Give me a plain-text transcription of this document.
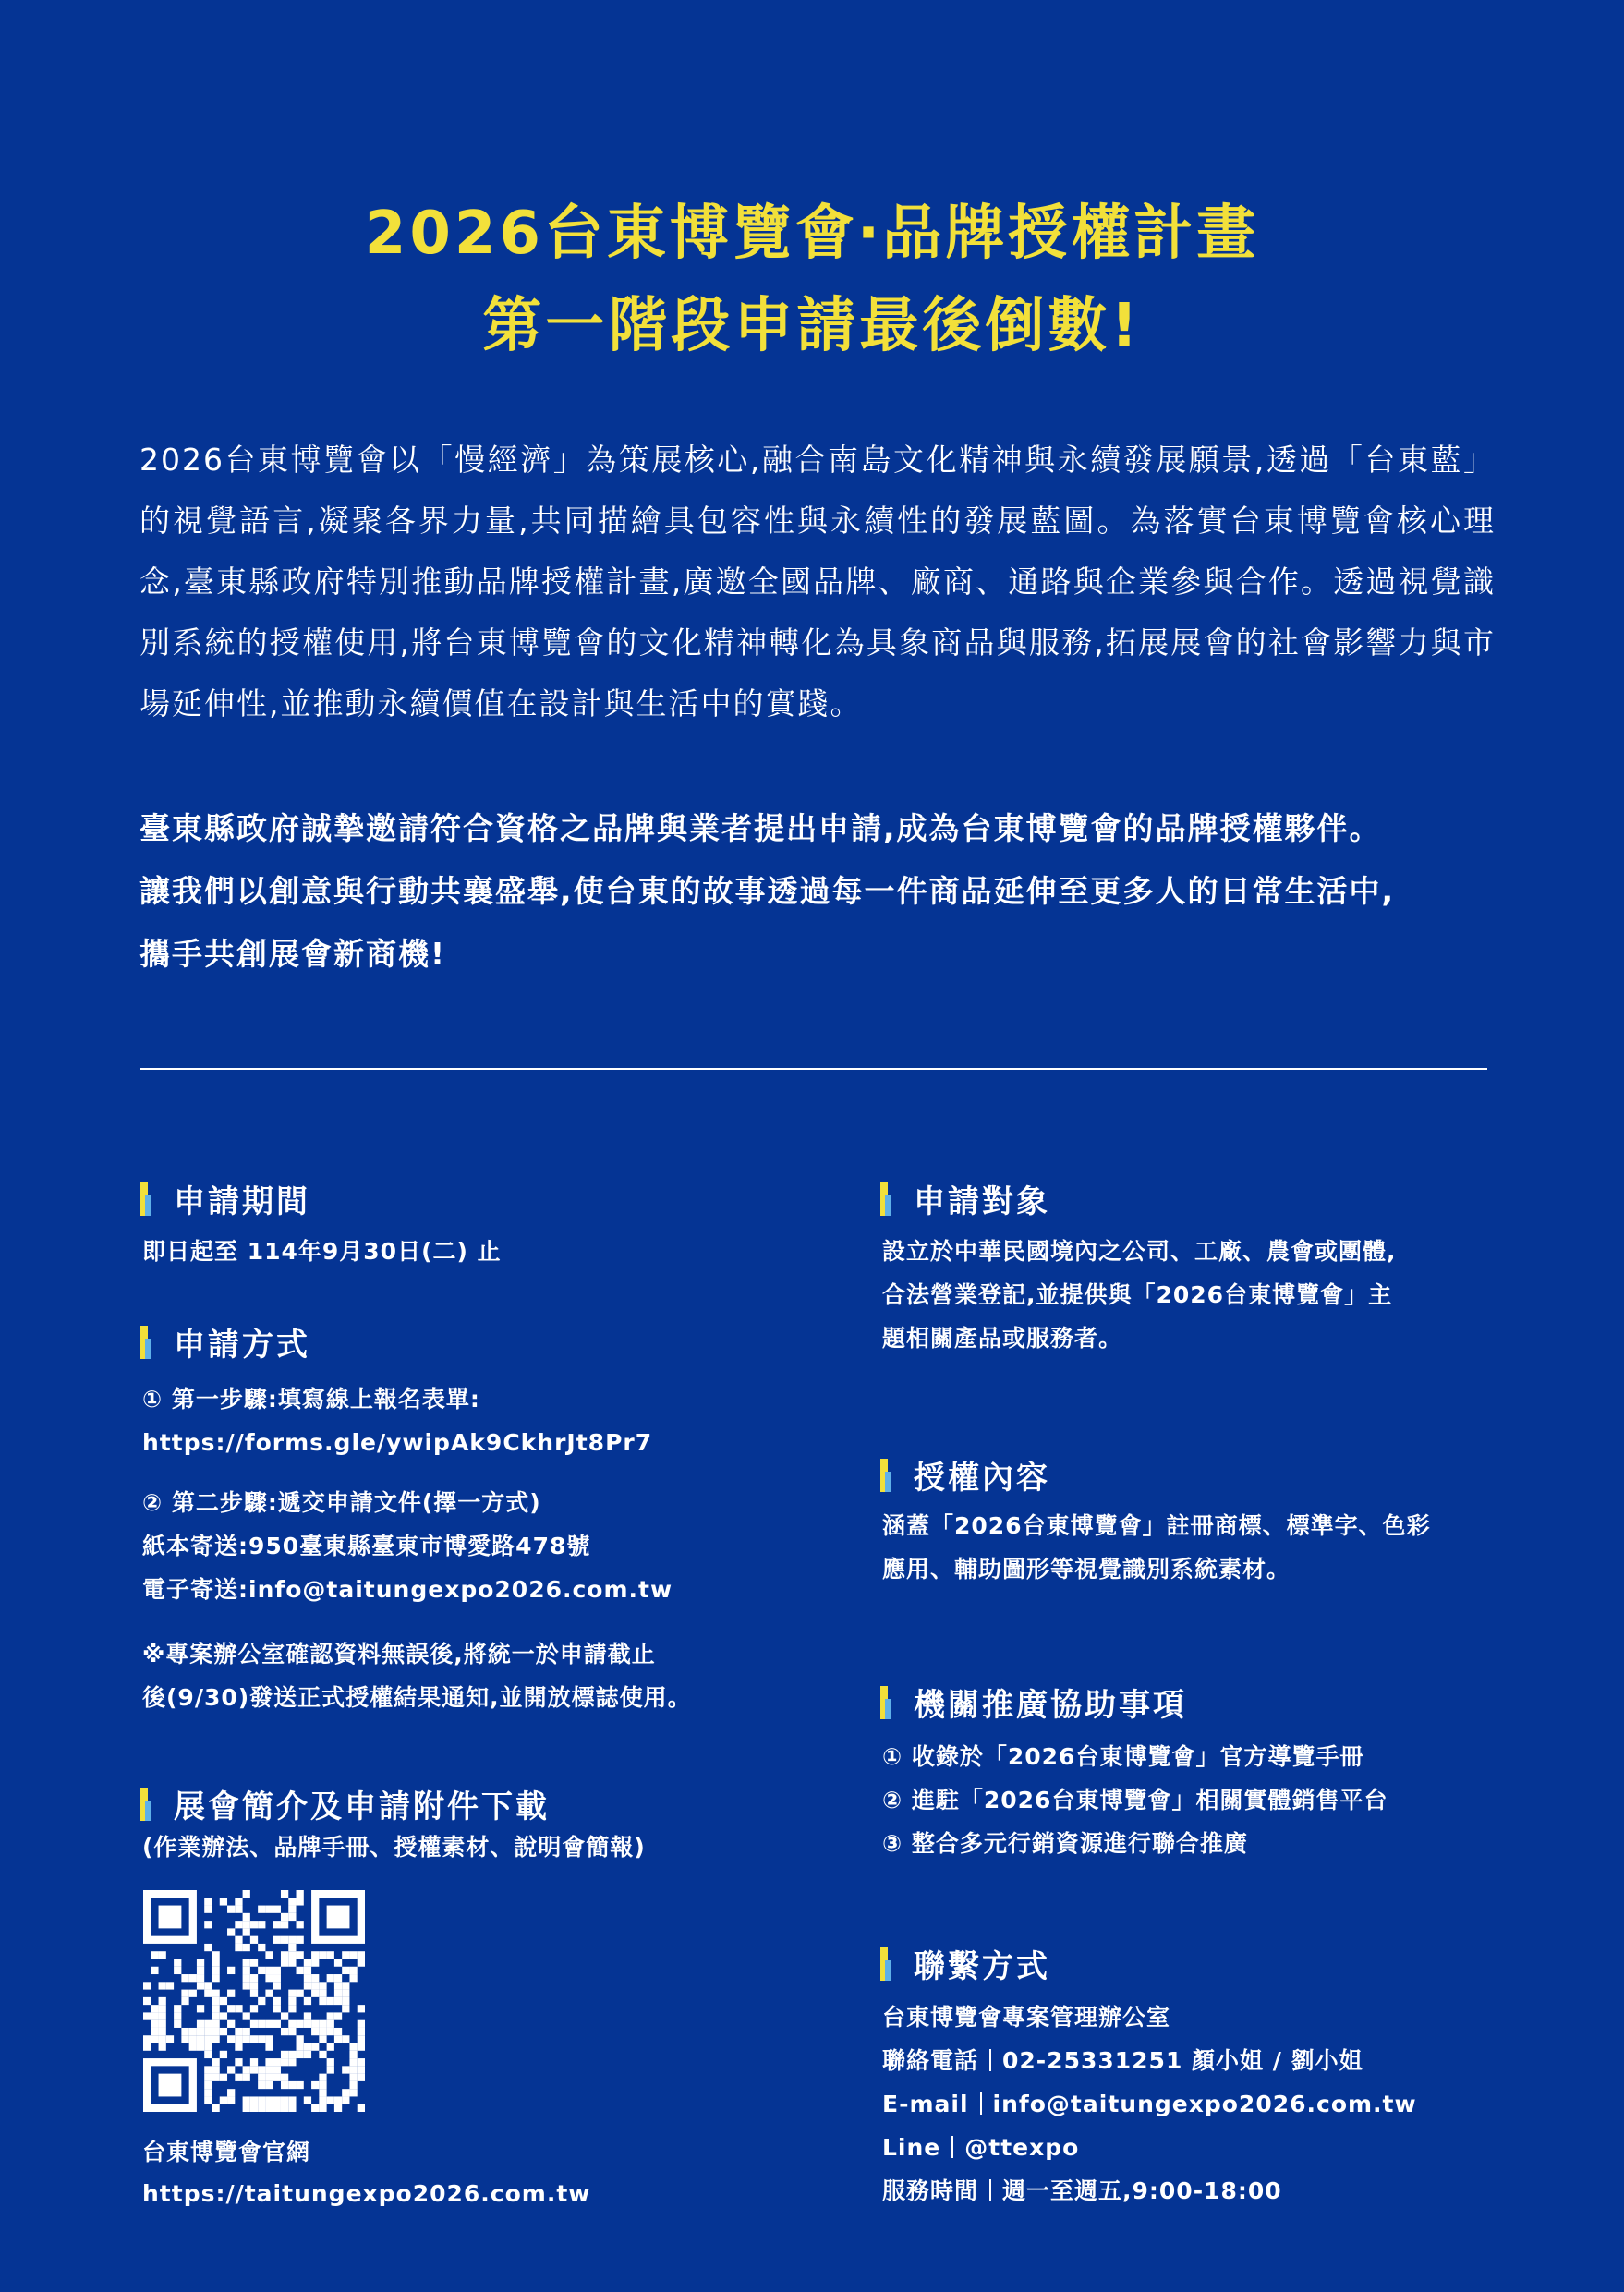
2026台東博覽會‧品牌授權計畫
第一階段申請最後倒數!
2026台東博覽會以「慢經濟」為策展核心,融合南島文化精神與永續發展願景,透過「台東藍」的視覺語言,凝聚各界力量,共同描繪具包容性與永續性的發展藍圖。為落實台東博覽會核心理念,臺東縣政府特別推動品牌授權計畫,廣邀全國品牌、廠商、通路與企業參與合作。透過視覺識別系統的授權使用,將台東博覽會的文化精神轉化為具象商品與服務,拓展展會的社會影響力與市場延伸性,並推動永續價值在設計與生活中的實踐。
臺東縣政府誠摯邀請符合資格之品牌與業者提出申請,成為台東博覽會的品牌授權夥伴。
讓我們以創意與行動共襄盛舉,使台東的故事透過每一件商品延伸至更多人的日常生活中,
攜手共創展會新商機!
申請期間
即日起至 114年9月30日(二) 止
申請方式
① 第一步驟:填寫線上報名表單:
https://forms.gle/ywipAk9CkhrJt8Pr7
② 第二步驟:遞交申請文件(擇一方式)
紙本寄送:950臺東縣臺東市博愛路478號
電子寄送:info@taitungexpo2026.com.tw
※專案辦公室確認資料無誤後,將統一於申請截止
後(9/30)發送正式授權結果通知,並開放標誌使用。
展會簡介及申請附件下載
(作業辦法、品牌手冊、授權素材、說明會簡報)
台東博覽會官網
https://taitungexpo2026.com.tw
申請對象
設立於中華民國境內之公司、工廠、農會或團體,
合法營業登記,並提供與「2026台東博覽會」主
題相關產品或服務者。
授權內容
涵蓋「2026台東博覽會」註冊商標、標準字、色彩
應用、輔助圖形等視覺識別系統素材。
機關推廣協助事項
① 收錄於「2026台東博覽會」官方導覽手冊
② 進駐「2026台東博覽會」相關實體銷售平台
③ 整合多元行銷資源進行聯合推廣
聯繫方式
台東博覽會專案管理辦公室
聯絡電話 02-25331251 顏小姐 / 劉小姐
E-mail info@taitungexpo2026.com.tw
Line @ttexpo
服務時間 週一至週五,9:00-18:00
